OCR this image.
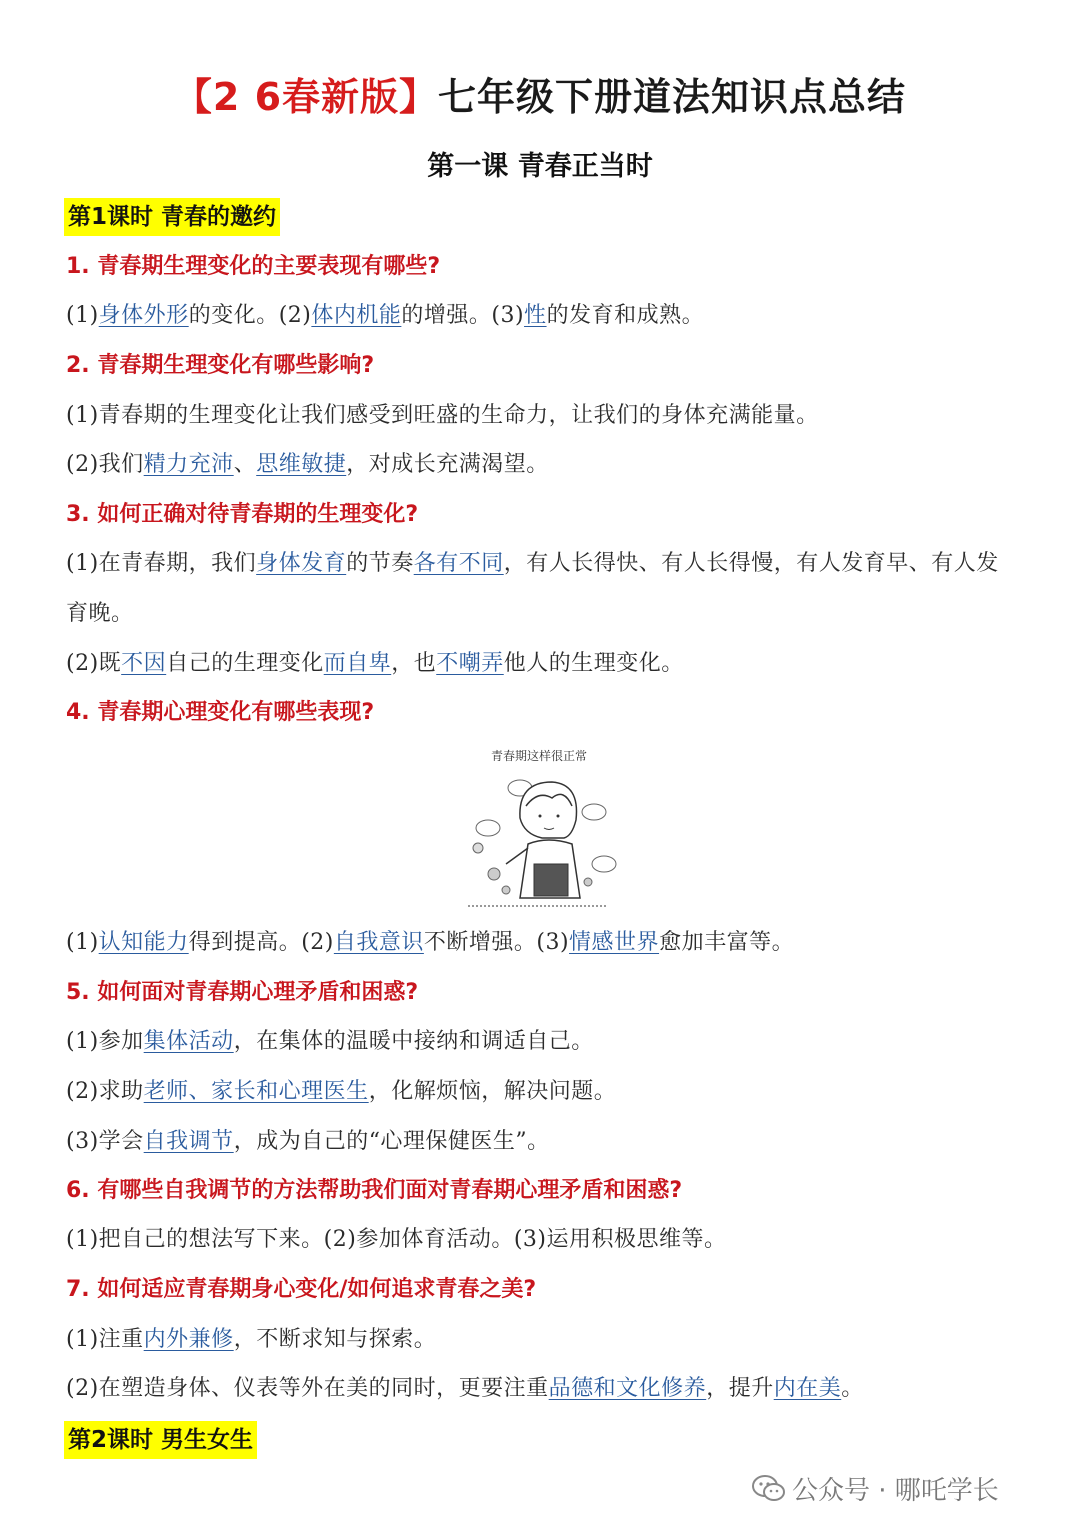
【2 6春新版】七年级下册道法知识点总结
第一课 青春正当时
第1课时 青春的邀约
1. 青春期生理变化的主要表现有哪些?
(1)身体外形的变化。(2)体内机能的增强。(3)性的发育和成熟。
2. 青春期生理变化有哪些影响?
(1)青春期的生理变化让我们感受到旺盛的生命力，让我们的身体充满能量。
(2)我们精力充沛、思维敏捷，对成长充满渴望。
3. 如何正确对待青春期的生理变化?
(1)在青春期，我们身体发育的节奏各有不同，有人长得快、有人长得慢，有人发育早、有人发育晚。
(2)既不因自己的生理变化而自卑，也不嘲弄他人的生理变化。
4. 青春期心理变化有哪些表现?
青春期这样很正常
(1)认知能力得到提高。(2)自我意识不断增强。(3)情感世界愈加丰富等。
5. 如何面对青春期心理矛盾和困惑?
(1)参加集体活动，在集体的温暖中接纳和调适自己。
(2)求助老师、家长和心理医生，化解烦恼，解决问题。
(3)学会自我调节，成为自己的“心理保健医生”。
6. 有哪些自我调节的方法帮助我们面对青春期心理矛盾和困惑?
(1)把自己的想法写下来。(2)参加体育活动。(3)运用积极思维等。
7. 如何适应青春期身心变化/如何追求青春之美?
(1)注重内外兼修，不断求知与探索。
(2)在塑造身体、仪表等外在美的同时，更要注重品德和文化修养，提升内在美。
第2课时 男生女生
公众号 · 哪吒学长
